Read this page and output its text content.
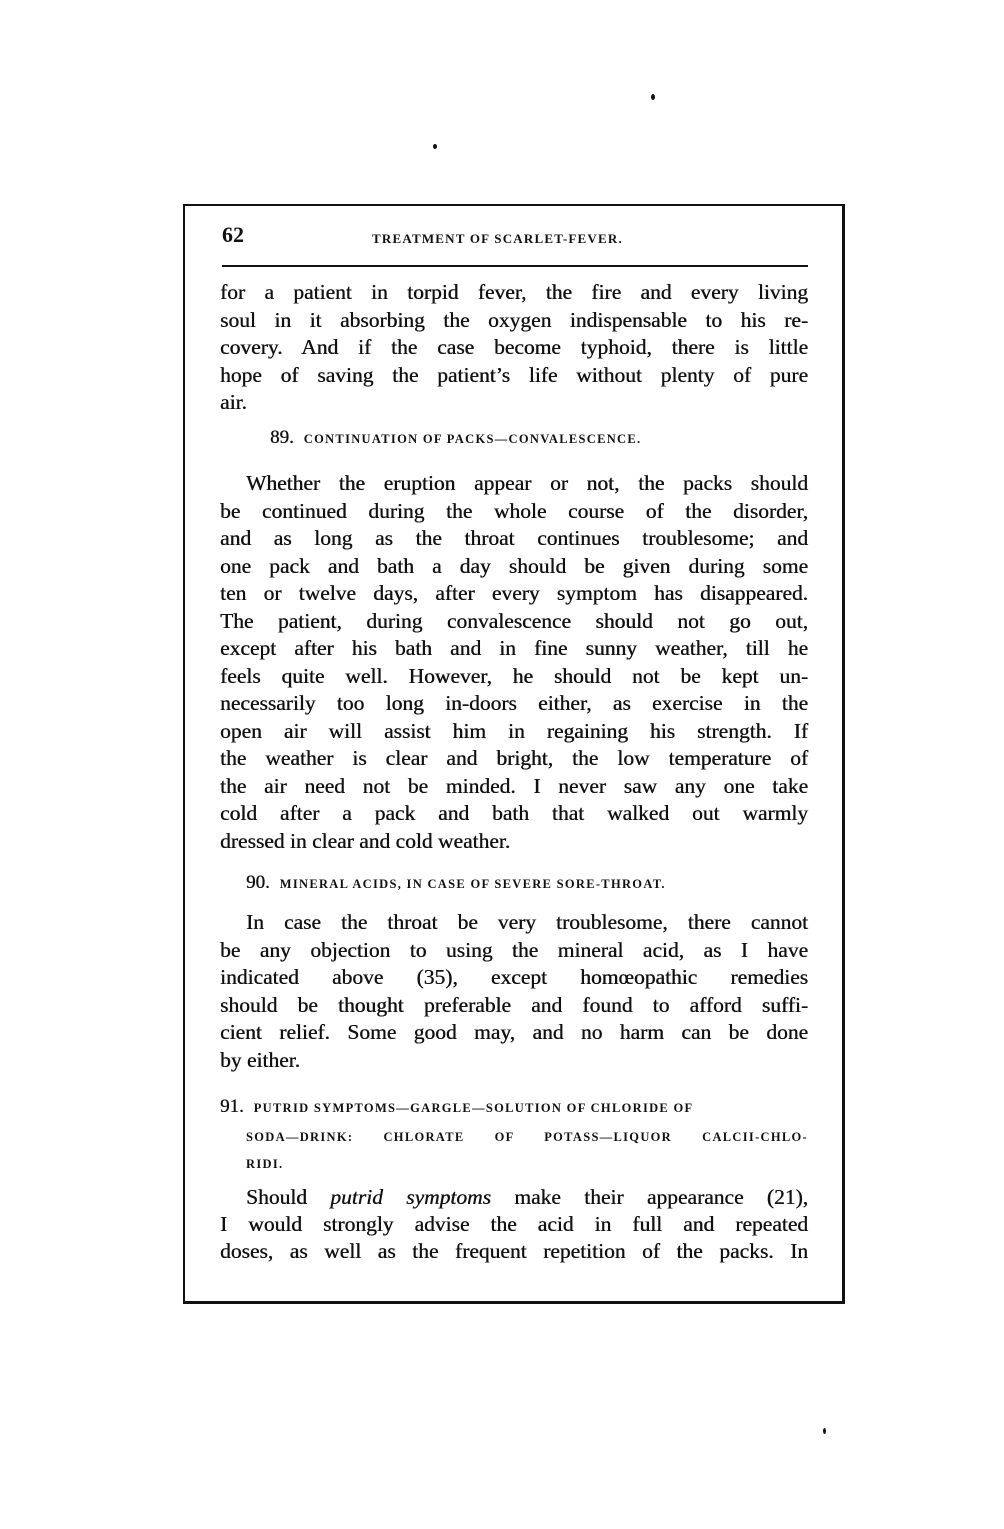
62	TREATMENT OF SCARLET-FEVER.
for a patient in torpid fever, the fire and every living
soul in it absorbing the oxygen indispensable to his re-
covery. And if the case become typhoid, there is little
hope of saving the patient’s life without plenty of pure
air.
89. CONTINUATION OF PACKS—CONVALESCENCE.
Whether the eruption appear or not, the packs should
be continued during the whole course of the disorder,
and as long as the throat continues troublesome; and
one pack and bath a day should be given during some
ten or twelve days, after every symptom has disappeared.
The patient, during convalescence should not go out,
except after his bath and in fine sunny weather, till he
feels quite well. However, he should not be kept un-
necessarily too long in-doors either, as exercise in the
open air will assist him in regaining his strength. If
the weather is clear and bright, the low temperature of
the air need not be minded. I never saw any one take
cold after a pack and bath that walked out warmly
dressed in clear and cold weather.
90. MINERAL ACIDS, IN CASE OF SEVERE SORE-THROAT.
In case the throat be very troublesome, there cannot
be any objection to using the mineral acid, as I have
indicated above (35), except homœopathic remedies
should be thought preferable and found to afford suffi-
cient relief. Some good may, and no harm can be done
by either.
91. PUTRID SYMPTOMS—GARGLE—SOLUTION OF CHLORIDE OF
SODA—DRINK: CHLORATE OF POTASS—LIQUOR CALCII-CHLO-
RIDI.
Should putrid symptoms make their appearance (21),
I would strongly advise the acid in full and repeated
doses, as well as the frequent repetition of the packs. In
